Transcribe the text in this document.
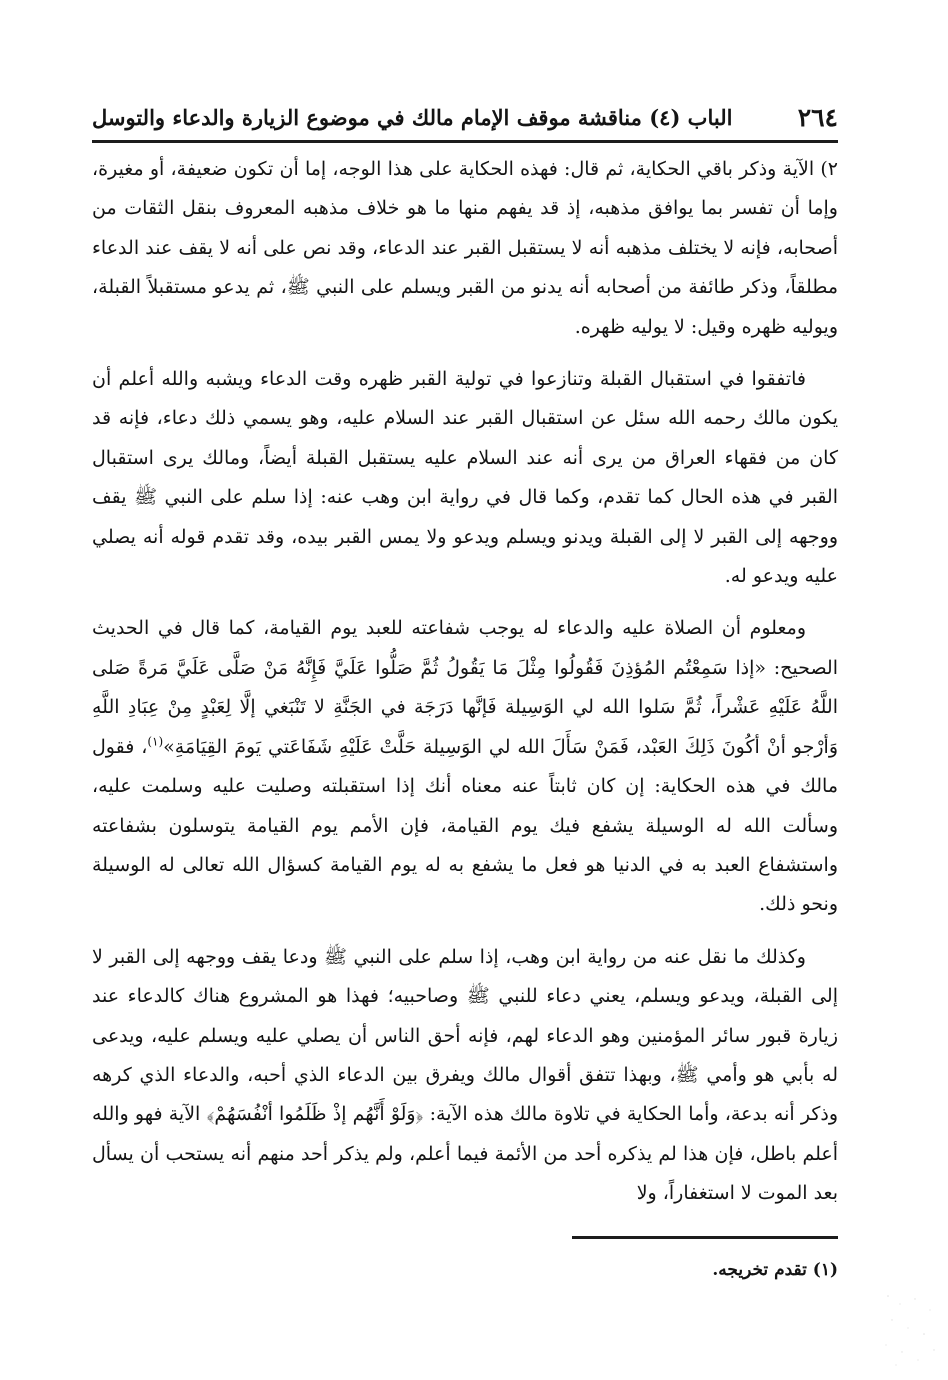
٢٦٤
الباب (٤) مناقشة موقف الإمام مالك في موضوع الزيارة والدعاء والتوسل

٢) الآية وذكر باقي الحكاية، ثم قال: فهذه الحكاية على هذا الوجه، إما أن تكون ضعيفة، أو مغيرة، وإما أن تفسر بما يوافق مذهبه، إذ قد يفهم منها ما هو خلاف مذهبه المعروف بنقل الثقات من أصحابه، فإنه لا يختلف مذهبه أنه لا يستقبل القبر عند الدعاء، وقد نص على أنه لا يقف عند الدعاء مطلقاً، وذكر طائفة من أصحابه أنه يدنو من القبر ويسلم على النبي ﷺ، ثم يدعو مستقبلاً القبلة، ويوليه ظهره وقيل: لا يوليه ظهره.

فاتفقوا في استقبال القبلة وتنازعوا في تولية القبر ظهره وقت الدعاء ويشبه والله أعلم أن يكون مالك رحمه الله سئل عن استقبال القبر عند السلام عليه، وهو يسمي ذلك دعاء، فإنه قد كان من فقهاء العراق من يرى أنه عند السلام عليه يستقبل القبلة أيضاً، ومالك يرى استقبال القبر في هذه الحال كما تقدم، وكما قال في رواية ابن وهب عنه: إذا سلم على النبي ﷺ يقف ووجهه إلى القبر لا إلى القبلة ويدنو ويسلم ويدعو ولا يمس القبر بيده، وقد تقدم قوله أنه يصلي عليه ويدعو له.

ومعلوم أن الصلاة عليه والدعاء له يوجب شفاعته للعبد يوم القيامة، كما قال في الحديث الصحيح: «إذا سَمِعْتُم المُؤذِنَ فَقُولُوا مِثْلَ مَا يَقُولُ ثُمَّ صَلُّوا عَلَيَّ فَإِنَّهُ مَنْ صَلَّى عَلَيَّ مَرةً صَلى اللَّهُ عَلَيْهِ عَشْراً، ثُمَّ سَلوا الله لي الوَسِيلة فَإنَّها دَرَجَة في الجَنَّةِ لا تَنْبَغي إلَّا لِعَبْدٍ مِنْ عِبَادِ اللَّهِ وَأرْجو أنْ أكُونَ ذَلِكَ العَبْد، فَمَنْ سَأَلَ الله لي الوَسِيلة حَلَّتْ عَلَيْهِ شَفَاعَتي يَومَ القِيَامَةِ»$^{(١)}$، فقول مالك في هذه الحكاية: إن كان ثابتاً عنه معناه أنك إذا استقبلته وصليت عليه وسلمت عليه، وسألت الله له الوسيلة يشفع فيك يوم القيامة، فإن الأمم يوم القيامة يتوسلون بشفاعته واستشفاع العبد به في الدنيا هو فعل ما يشفع به له يوم القيامة كسؤال الله تعالى له الوسيلة ونحو ذلك.

وكذلك ما نقل عنه من رواية ابن وهب، إذا سلم على النبي ﷺ ودعا يقف ووجهه إلى القبر لا إلى القبلة، ويدعو ويسلم، يعني دعاء للنبي ﷺ وصاحبيه؛ فهذا هو المشروع هناك كالدعاء عند زيارة قبور سائر المؤمنين وهو الدعاء لهم، فإنه أحق الناس أن يصلي عليه ويسلم عليه، ويدعى له بأبي هو وأمي ﷺ، وبهذا تتفق أقوال مالك ويفرق بين الدعاء الذي أحبه، والدعاء الذي كرهه وذكر أنه بدعة، وأما الحكاية في تلاوة مالك هذه الآية: ﴿وَلَوْ أَنَّهُم إذْ ظَلَمُوا أنْفُسَهُمْ﴾ الآية فهو والله أعلم باطل، فإن هذا لم يذكره أحد من الأئمة فيما أعلم، ولم يذكر أحد منهم أنه يستحب أن يسأل بعد الموت لا استغفاراً، ولا

(١) تقدم تخريجه.
